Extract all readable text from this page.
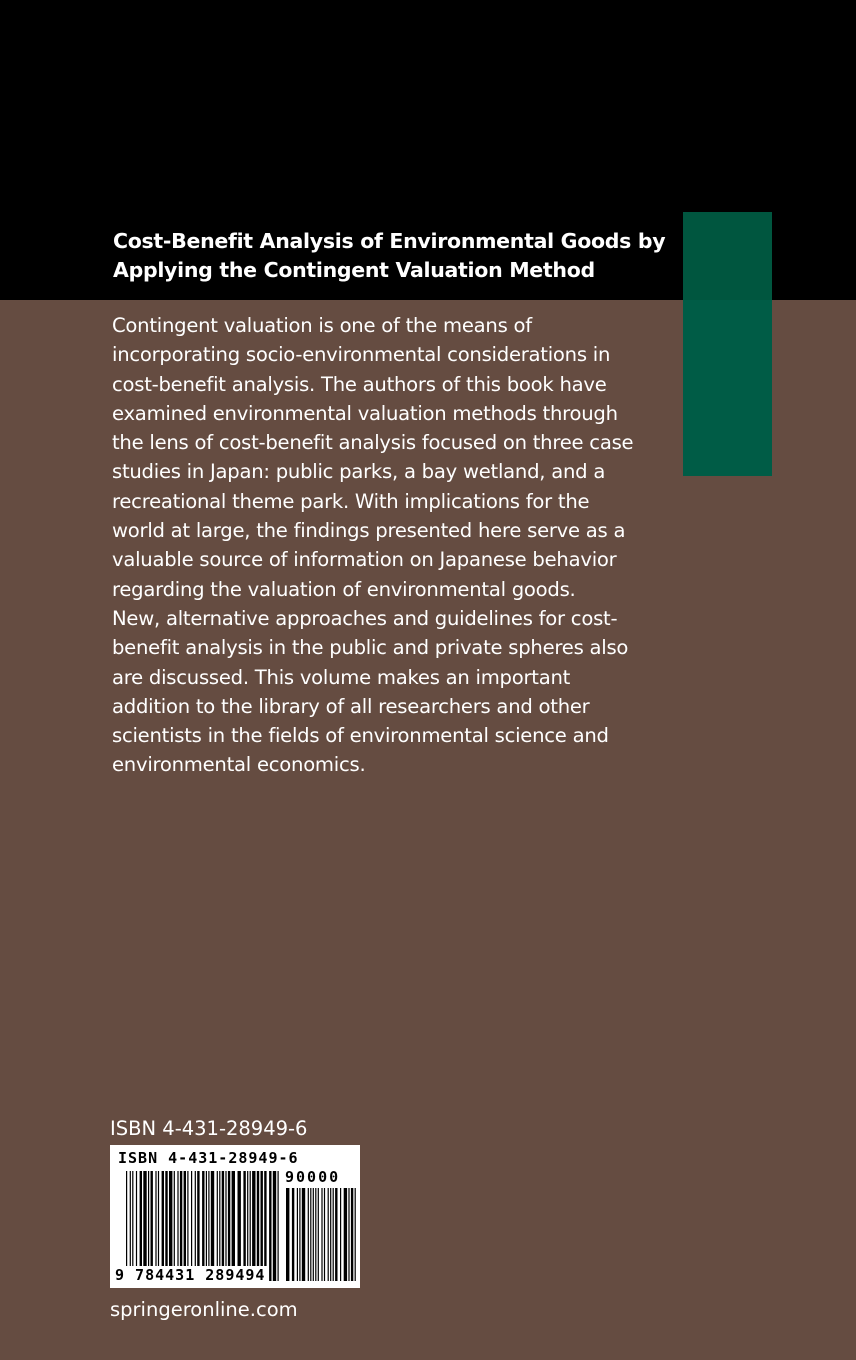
Cost-Benefit Analysis of Environmental Goods by
Applying the Contingent Valuation Method
Contingent valuation is one of the means of
incorporating socio-environmental considerations in
cost-benefit analysis. The authors of this book have
examined environmental valuation methods through
the lens of cost-benefit analysis focused on three case
studies in Japan: public parks, a bay wetland, and a
recreational theme park. With implications for the
world at large, the findings presented here serve as a
valuable source of information on Japanese behavior
regarding the valuation of environmental goods.
New, alternative approaches and guidelines for cost-
benefit analysis in the public and private spheres also
are discussed. This volume makes an important
addition to the library of all researchers and other
scientists in the fields of environmental science and
environmental economics.
ISBN 4-431-28949-6
ISBN 4-431-28949-6
90000
9 784431 289494
springeronline.com
